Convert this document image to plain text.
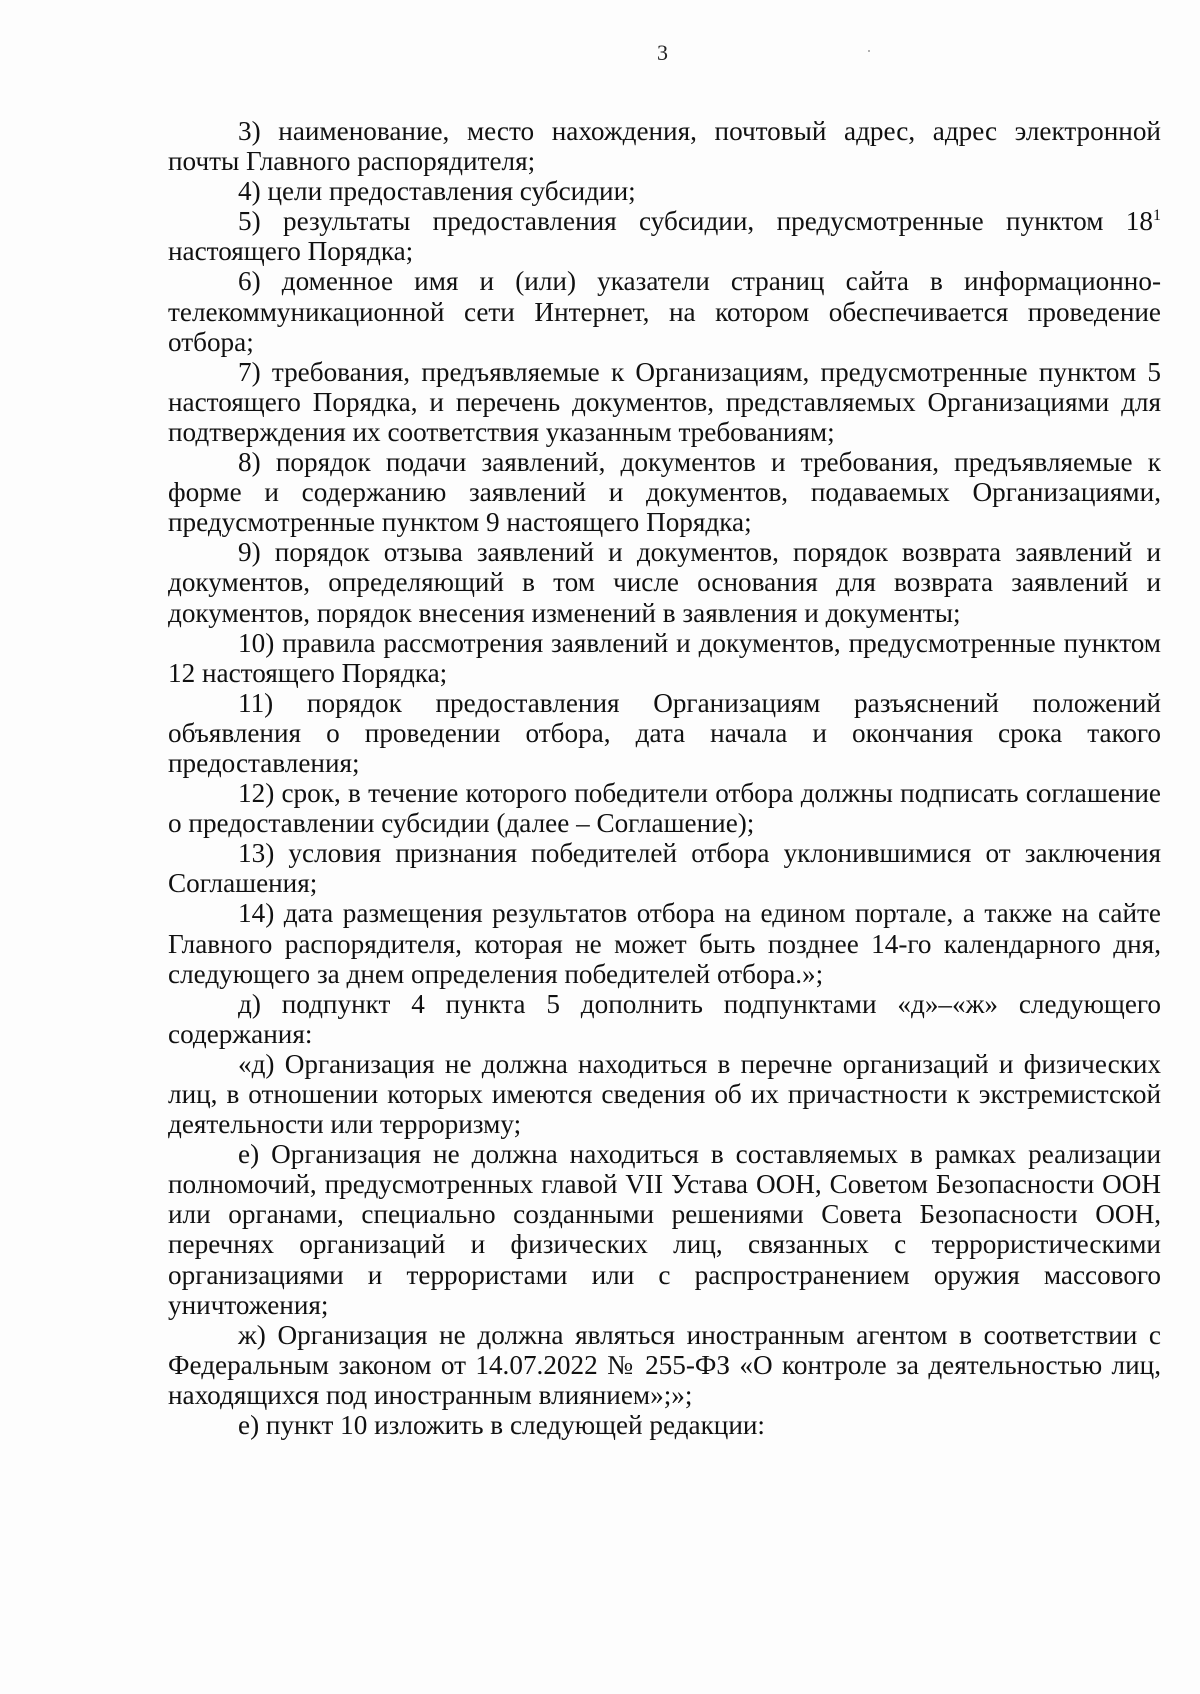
3

3) наименование, место нахождения, почтовый адрес, адрес электронной почты Главного распорядителя;

4) цели предоставления субсидии;

5) результаты предоставления субсидии, предусмотренные пунктом $18^1$ настоящего Порядка;

6) доменное имя и (или) указатели страниц сайта в информационно-телекоммуникационной сети Интернет, на котором обеспечивается проведение отбора;

7) требования, предъявляемые к Организациям, предусмотренные пунктом 5 настоящего Порядка, и перечень документов, представляемых Организациями для подтверждения их соответствия указанным требованиям;

8) порядок подачи заявлений, документов и требования, предъявляемые к форме и содержанию заявлений и документов, подаваемых Организациями, предусмотренные пунктом 9 настоящего Порядка;

9) порядок отзыва заявлений и документов, порядок возврата заявлений и документов, определяющий в том числе основания для возврата заявлений и документов, порядок внесения изменений в заявления и документы;

10) правила рассмотрения заявлений и документов, предусмотренные пунктом 12 настоящего Порядка;

11) порядок предоставления Организациям разъяснений положений объявления о проведении отбора, дата начала и окончания срока такого предоставления;

12) срок, в течение которого победители отбора должны подписать соглашение о предоставлении субсидии (далее – Соглашение);

13) условия признания победителей отбора уклонившимися от заключения Соглашения;

14) дата размещения результатов отбора на едином портале, а также на сайте Главного распорядителя, которая не может быть позднее 14-го календарного дня, следующего за днем определения победителей отбора.»;

д) подпункт 4 пункта 5 дополнить подпунктами «д»–«ж» следующего содержания:

«д) Организация не должна находиться в перечне организаций и физических лиц, в отношении которых имеются сведения об их причастности к экстремистской деятельности или терроризму;

е) Организация не должна находиться в составляемых в рамках реализации полномочий, предусмотренных главой VII Устава ООН, Советом Безопасности ООН или органами, специально созданными решениями Совета Безопасности ООН, перечнях организаций и физических лиц, связанных с террористическими организациями и террористами или с распространением оружия массового уничтожения;

ж) Организация не должна являться иностранным агентом в соответствии с Федеральным законом от 14.07.2022 № 255-ФЗ «О контроле за деятельностью лиц, находящихся под иностранным влиянием»;»;

е) пункт 10 изложить в следующей редакции:
